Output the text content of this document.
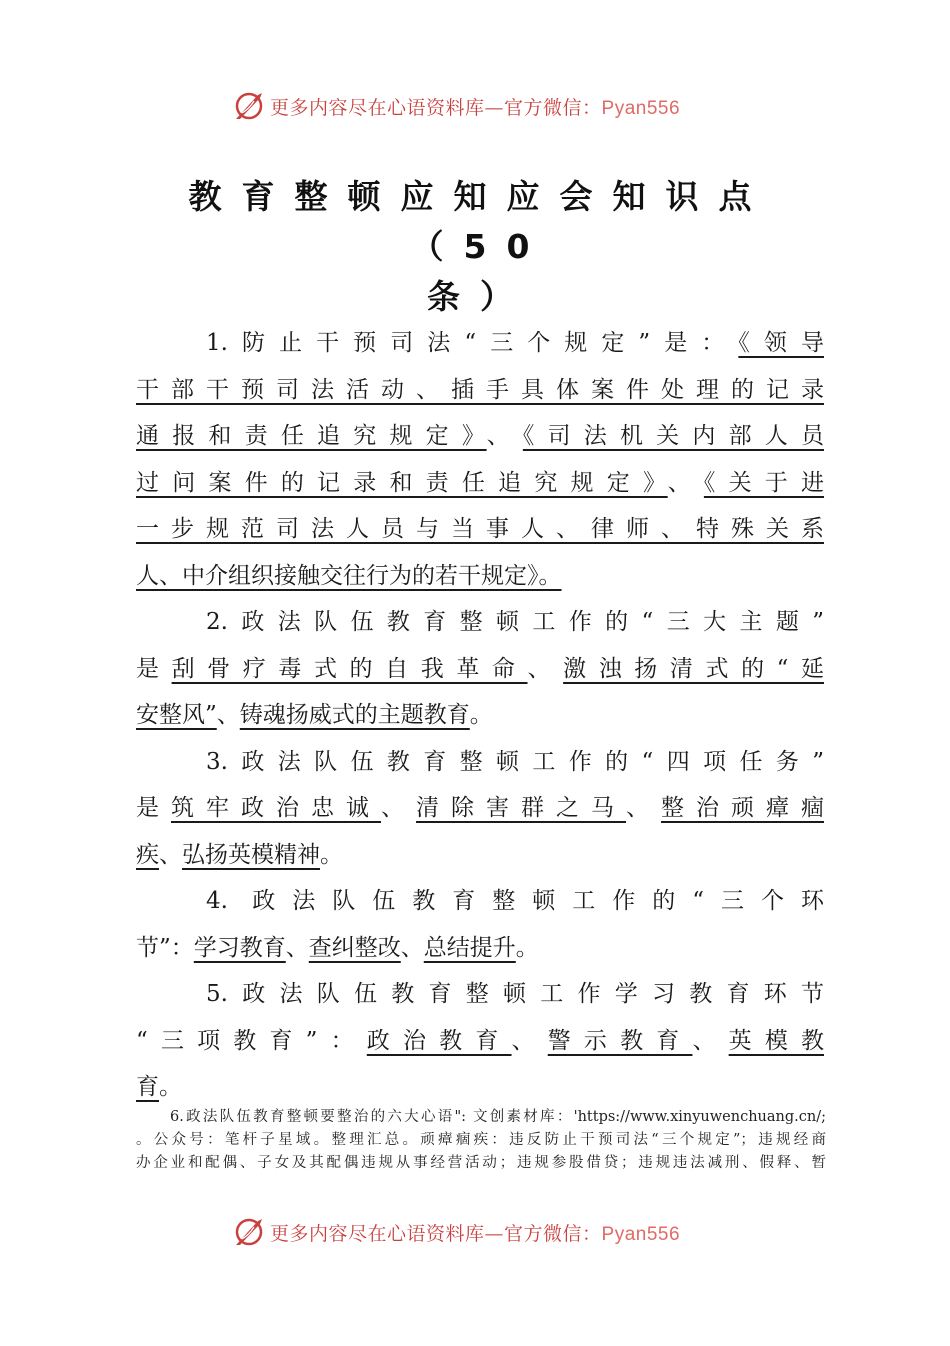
更多内容尽在心语资料库—官方微信：Pyan556
教育整顿应知应会知识点（50
条）
1.防止干预司法“三个规定”是：《领导
干部干预司法活动、插手具体案件处理的记录
通报和责任追究规定》、《司法机关内部人员
过问案件的记录和责任追究规定》、《关于进
一步规范司法人员与当事人、律师、特殊关系
人、中介组织接触交往行为的若干规定》。
2.政法队伍教育整顿工作的“三大主题”
是刮骨疗毒式的自我革命、激浊扬清式的“延
安整风”、铸魂扬威式的主题教育。
3.政法队伍教育整顿工作的“四项任务”
是筑牢政治忠诚、清除害群之马、整治顽瘴痼
疾、弘扬英模精神。
4. 政法队伍教育整顿工作的“三个环
节”：学习教育、查纠整改、总结提升。
5.政法队伍教育整顿工作学习教育环节
“三项教育”：政治教育、警示教育、英模教
育。
6.政法队伍教育整顿要整治的六大心语": 文创素材库：'https://www.xinyuwenchuang.cn/;
。公众号：笔杆子星域。整理汇总。顽瘴痼疾：违反防止干预司法“三个规定”；违规经商
办企业和配偶、子女及其配偶违规从事经营活动；违规参股借贷；违规违法减刑、假释、暂
更多内容尽在心语资料库—官方微信：Pyan556
